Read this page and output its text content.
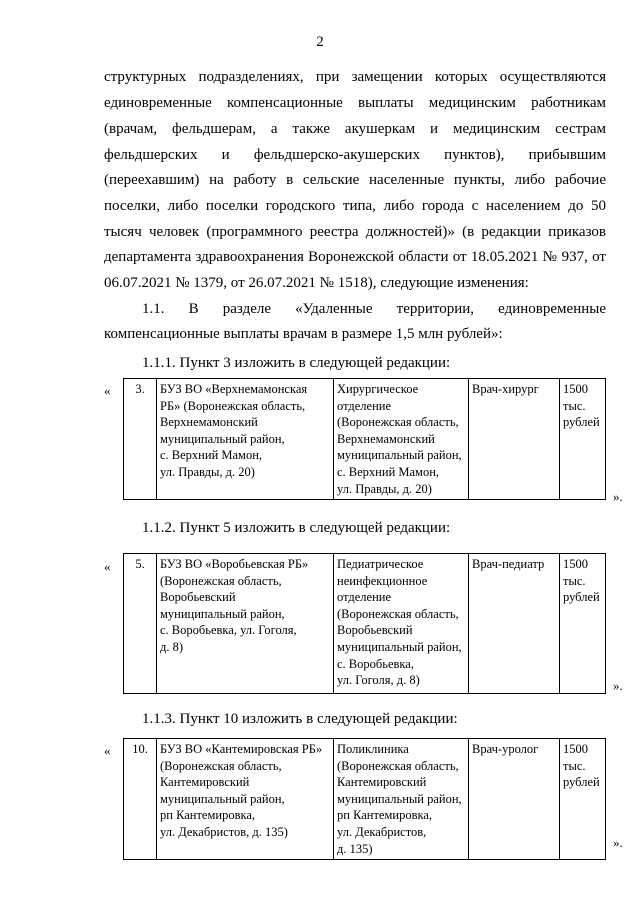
2
структурных подразделениях, при замещении которых осуществляются
единовременные компенсационные выплаты медицинским работникам
(врачам, фельдшерам, а также акушеркам и медицинским сестрам
фельдшерских и фельдшерско-акушерских пунктов), прибывшим
(переехавшим) на работу в сельские населенные пункты, либо рабочие
поселки, либо поселки городского типа, либо города с населением до 50
тысяч человек (программного реестра должностей)» (в редакции приказов
департамента здравоохранения Воронежской области от 18.05.2021 № 937, от
06.07.2021 № 1379, от 26.07.2021 № 1518), следующие изменения:
1.1. В разделе «Удаленные территории, единовременные
компенсационные выплаты врачам в размере 1,5 млн рублей»:
1.1.1. Пункт 3 изложить в следующей редакции:
« 3.	БУЗ ВО «Верхнемамонская
РБ» (Воронежская область,
Верхнемамонский
муниципальный район,
с. Верхний Мамон,
ул. Правды, д. 20)	Хирургическое
отделение
(Воронежская область,
Верхнемамонский
муниципальный район,
с. Верхний Мамон,
ул. Правды, д. 20)	Врач-хирург	1500
тыс.
рублей
».
1.1.2. Пункт 5 изложить в следующей редакции:
« 5.	БУЗ ВО «Воробьевская РБ»
(Воронежская область,
Воробьевский
муниципальный район,
с. Воробьевка, ул. Гоголя,
д. 8)	Педиатрическое
неинфекционное
отделение
(Воронежская область,
Воробьевский
муниципальный район,
с. Воробьевка,
ул. Гоголя, д. 8)	Врач-педиатр	1500
тыс.
рублей
».
1.1.3. Пункт 10 изложить в следующей редакции:
« 10.	БУЗ ВО «Кантемировская РБ»
(Воронежская область,
Кантемировский
муниципальный район,
рп Кантемировка,
ул. Декабристов, д. 135)	Поликлиника
(Воронежская область,
Кантемировский
муниципальный район,
рп Кантемировка,
ул. Декабристов,
д. 135)	Врач-уролог	1500
тыс.
рублей
».
